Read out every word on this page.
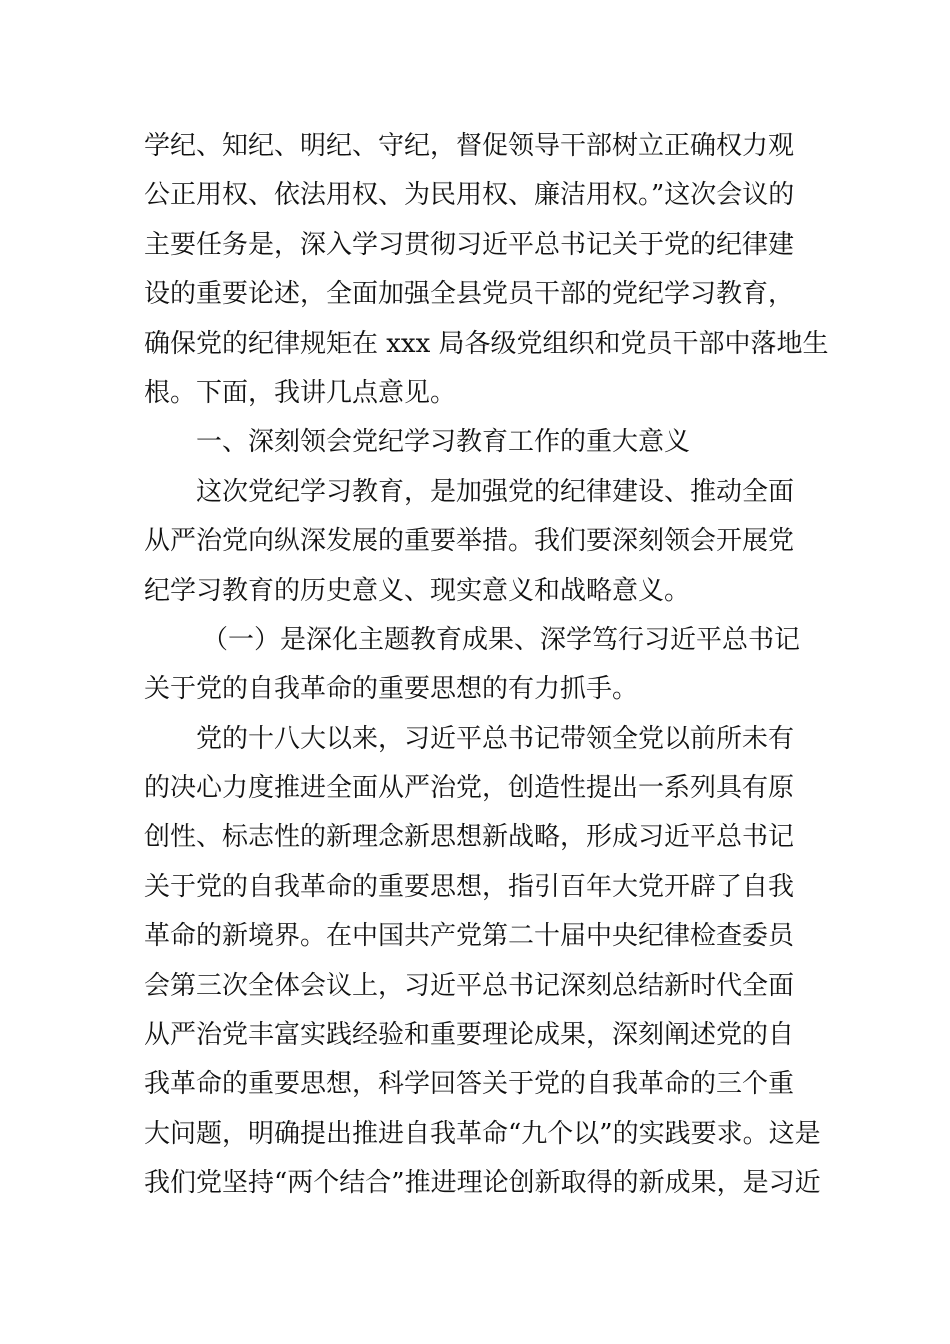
学纪、知纪、明纪、守纪，督促领导干部树立正确权力观
公正用权、依法用权、为民用权、廉洁用权。”这次会议的
主要任务是，深入学习贯彻习近平总书记关于党的纪律建
设的重要论述，全面加强全县党员干部的党纪学习教育，
确保党的纪律规矩在 xxx 局各级党组织和党员干部中落地生
根。下面，我讲几点意见。
一、深刻领会党纪学习教育工作的重大意义
这次党纪学习教育，是加强党的纪律建设、推动全面
从严治党向纵深发展的重要举措。我们要深刻领会开展党
纪学习教育的历史意义、现实意义和战略意义。
（一）是深化主题教育成果、深学笃行习近平总书记
关于党的自我革命的重要思想的有力抓手。
党的十八大以来，习近平总书记带领全党以前所未有
的决心力度推进全面从严治党，创造性提出一系列具有原
创性、标志性的新理念新思想新战略，形成习近平总书记
关于党的自我革命的重要思想，指引百年大党开辟了自我
革命的新境界。在中国共产党第二十届中央纪律检查委员
会第三次全体会议上，习近平总书记深刻总结新时代全面
从严治党丰富实践经验和重要理论成果，深刻阐述党的自
我革命的重要思想，科学回答关于党的自我革命的三个重
大问题，明确提出推进自我革命“九个以”的实践要求。这是
我们党坚持“两个结合”推进理论创新取得的新成果，是习近
